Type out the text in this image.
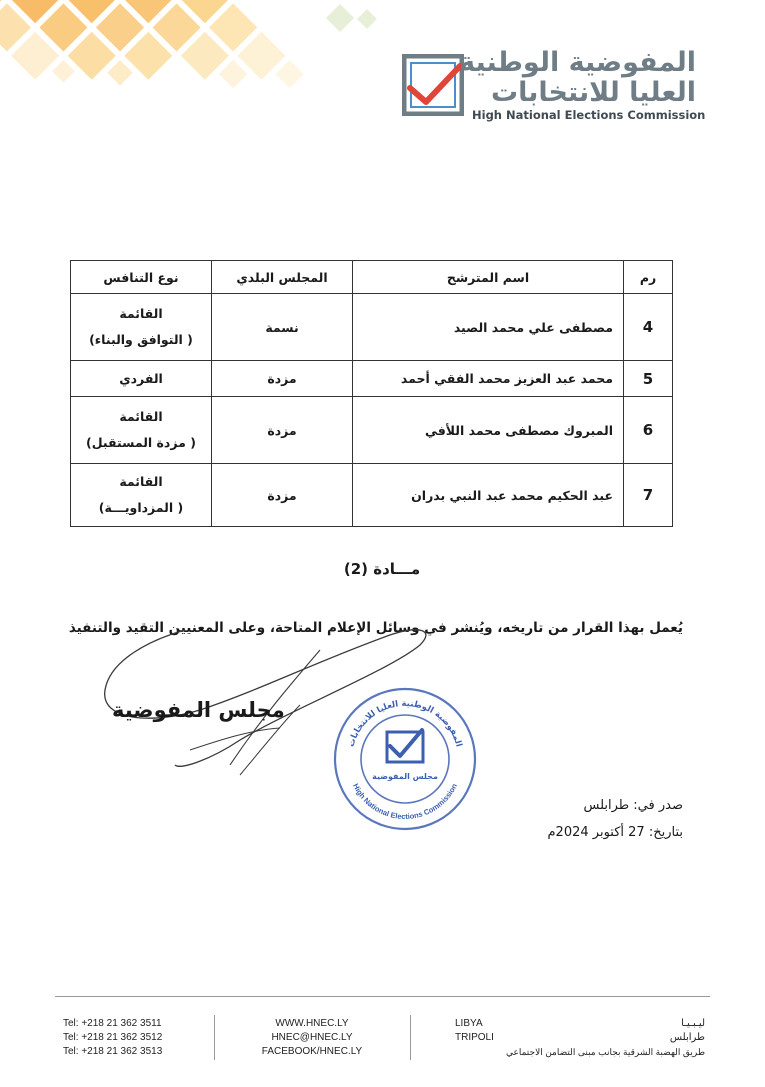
المفوضية الوطنية
العليا للانتخابات
High National Elections Commission
رم	اسم المترشح	المجلس البلدي	نوع التنافس
4	مصطفى علي محمد الصيد	نسمة	القائمة
( التوافق والبناء)

5	محمد عبد العزيز محمد الفقي أحمد	مزدة	الفردي

6	المبروك مصطفى محمد اللأفي	مزدة	القائمة
( مزدة المستقبل)

7	عبد الحكيم محمد عبد النبي بدران	مزدة	القائمة
( المزداويـــة)
مـــادة (2)
يُعمل بهذا القرار من تاريخه، ويُنشر في وسائل الإعلام المتاحة، وعلى المعنيين التقيد والتنفيذ
مجلس المفوضية
المفوضية الوطنية العليا للانتخابات
High National Elections Commission
مجلس المفوضية
صدر في: طرابلس
بتاريخ: 27 أكتوبر 2024م
Tel: +218 21 362 3511
Tel: +218 21 362 3512
Tel: +218 21 362 3513
WWW.HNEC.LY
HNEC@HNEC.LY
FACEBOOK/HNEC.LY
LIBYA
TRIPOLI
ليـبـيـا
طرابلس
طريق الهضبة الشرقية بجانب مبنى التضامن الاجتماعي
